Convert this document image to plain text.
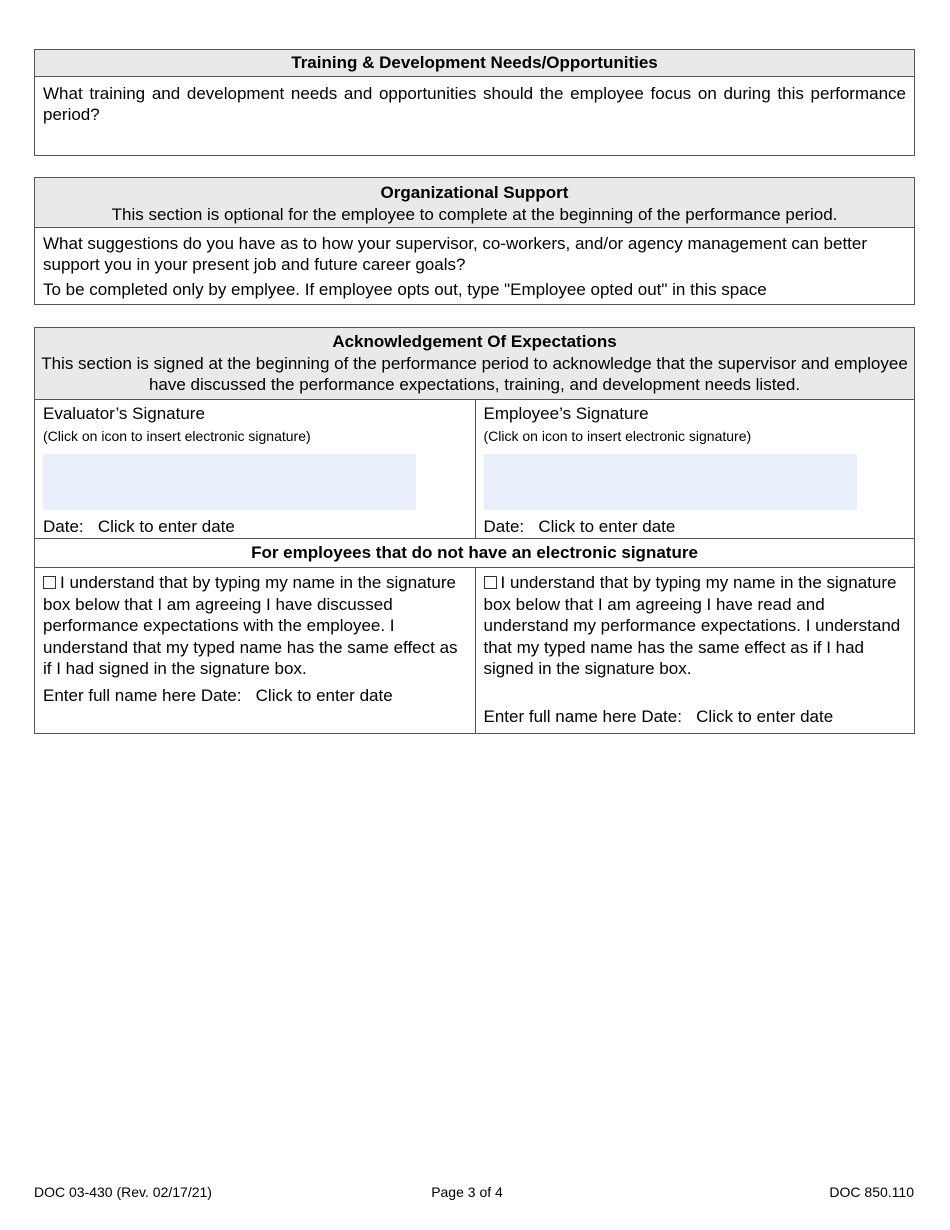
Training & Development Needs/Opportunities
What training and development needs and opportunities should the employee focus on during this performance period?
Organizational Support
This section is optional for the employee to complete at the beginning of the performance period.
What suggestions do you have as to how your supervisor, co-workers, and/or agency management can better support you in your present job and future career goals?
To be completed only by emplyee. If employee opts out, type "Employee opted out" in this space
Acknowledgement Of Expectations
This section is signed at the beginning of the performance period to acknowledge that the supervisor and employee have discussed the performance expectations, training, and development needs listed.
Evaluator’s Signature
(Click on icon to insert electronic signature)
Date: Click to enter date
Employee’s Signature
(Click on icon to insert electronic signature)
Date: Click to enter date
For employees that do not have an electronic signature
I understand that by typing my name in the signature box below that I am agreeing I have discussed performance expectations with the employee. I understand that my typed name has the same effect as if I had signed in the signature box.
Enter full name here Date: Click to enter date
I understand that by typing my name in the signature box below that I am agreeing I have read and understand my performance expectations. I understand that my typed name has the same effect as if I had signed in the signature box.
Enter full name here Date: Click to enter date
DOC 03-430 (Rev. 02/17/21)	Page 3 of 4	DOC 850.110
